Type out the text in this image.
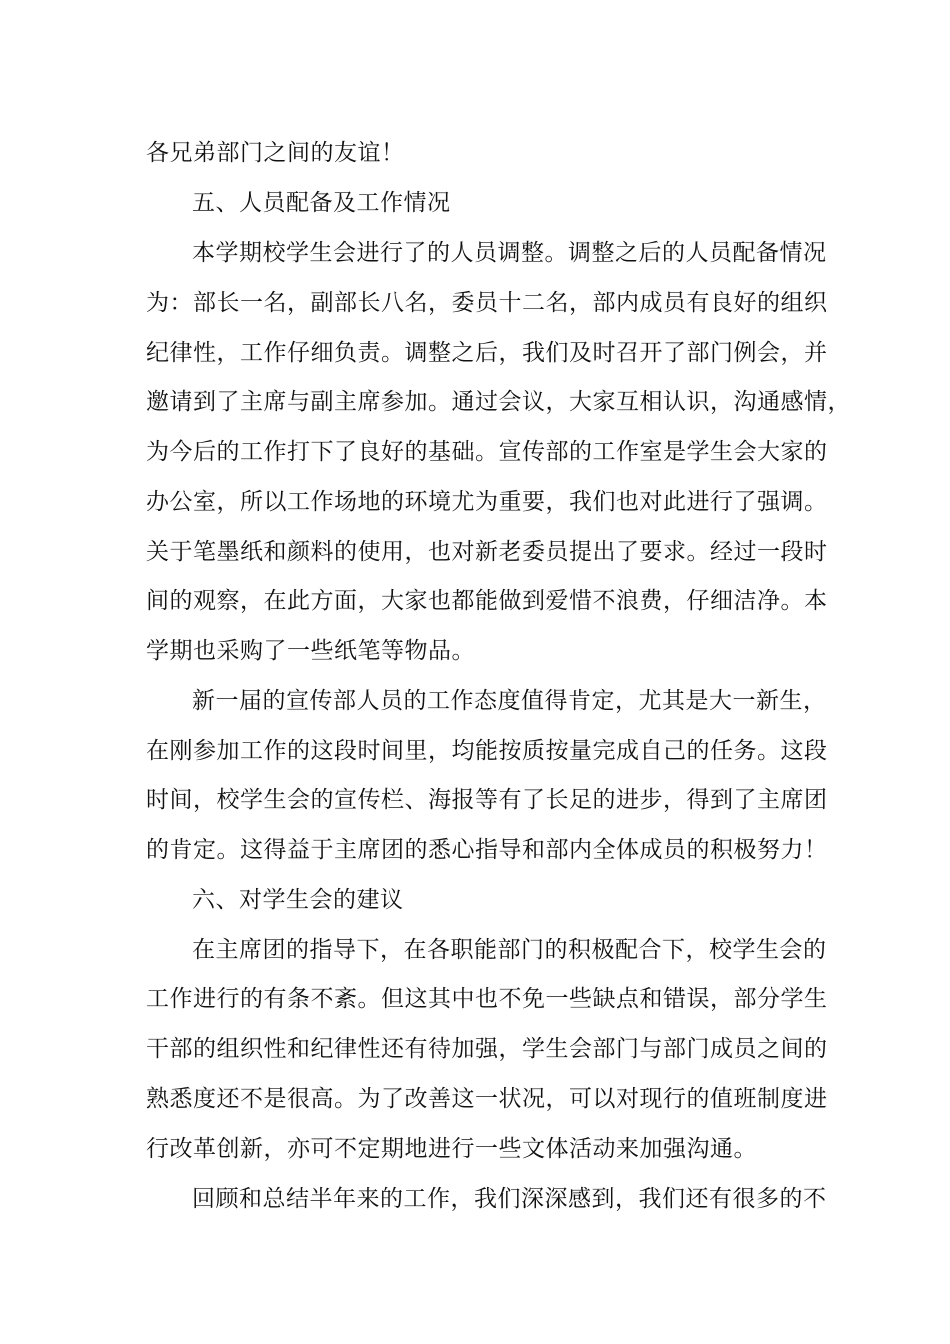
各兄弟部门之间的友谊！
五、人员配备及工作情况
本学期校学生会进行了的人员调整。调整之后的人员配备情况
为：部长一名，副部长八名，委员十二名，部内成员有良好的组织
纪律性，工作仔细负责。调整之后，我们及时召开了部门例会，并
邀请到了主席与副主席参加。通过会议，大家互相认识，沟通感情，
为今后的工作打下了良好的基础。宣传部的工作室是学生会大家的
办公室，所以工作场地的环境尤为重要，我们也对此进行了强调。
关于笔墨纸和颜料的使用，也对新老委员提出了要求。经过一段时
间的观察，在此方面，大家也都能做到爱惜不浪费，仔细洁净。本
学期也采购了一些纸笔等物品。
新一届的宣传部人员的工作态度值得肯定，尤其是大一新生，
在刚参加工作的这段时间里，均能按质按量完成自己的任务。这段
时间，校学生会的宣传栏、海报等有了长足的进步，得到了主席团
的肯定。这得益于主席团的悉心指导和部内全体成员的积极努力！
六、对学生会的建议
在主席团的指导下，在各职能部门的积极配合下，校学生会的
工作进行的有条不紊。但这其中也不免一些缺点和错误，部分学生
干部的组织性和纪律性还有待加强，学生会部门与部门成员之间的
熟悉度还不是很高。为了改善这一状况，可以对现行的值班制度进
行改革创新，亦可不定期地进行一些文体活动来加强沟通。
回顾和总结半年来的工作，我们深深感到，我们还有很多的不
